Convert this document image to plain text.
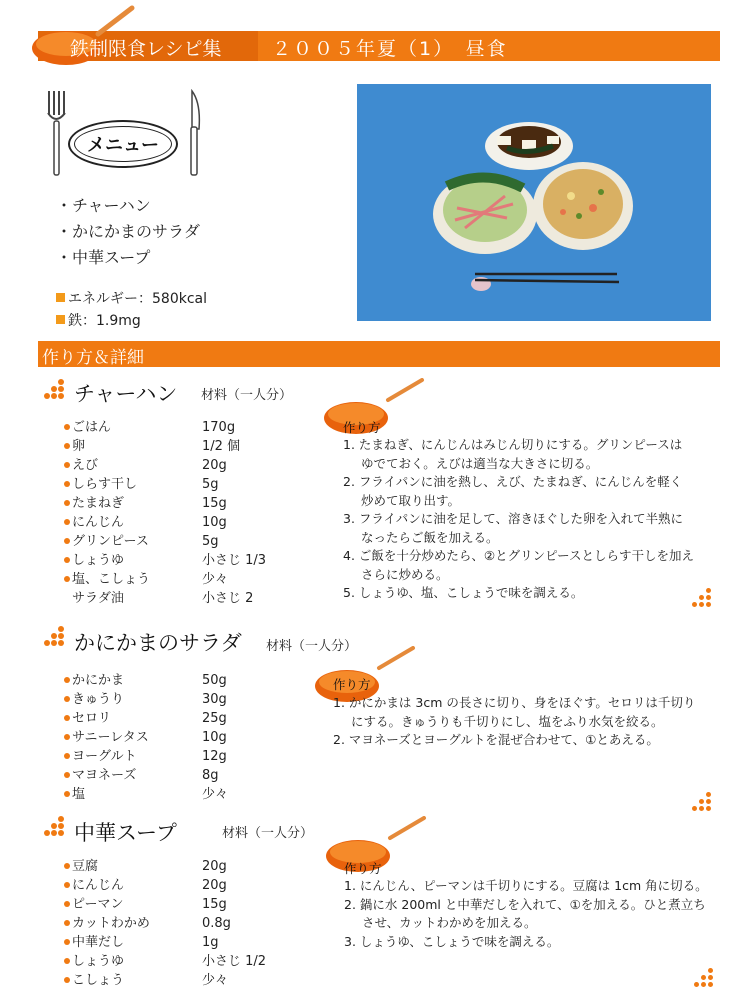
鉄制限食レシピ集	２００５年夏（1）　昼食
メニュー
・チャーハン
・かにかまのサラダ
・中華スープ
エネルギー：580kcal
鉄：1.9mg
作り方＆詳細
チャーハン 材料（一人分）
ごはん	170g
卵	1/2 個
えび	20g
しらす干し	5g
たまねぎ	15g
にんじん	10g
グリンピース	5g
しょうゆ	小さじ 1/3
塩、こしょう	少々
サラダ油	小さじ 2
作り方
1. たまねぎ、にんじんはみじん切りにする。グリンピースは
ゆでておく。えびは適当な大きさに切る。
2. フライパンに油を熱し、えび、たまねぎ、にんじんを軽く
炒めて取り出す。
3. フライパンに油を足して、溶きほぐした卵を入れて半熟に
なったらご飯を加える。
4. ご飯を十分炒めたら、②とグリンピースとしらす干しを加え
さらに炒める。
5. しょうゆ、塩、こしょうで味を調える。
かにかまのサラダ 材料（一人分）
かにかま	50g
きゅうり	30g
セロリ	25g
サニーレタス	10g
ヨーグルト	12g
マヨネーズ	8g
塩	少々
作り方
1. かにかまは 3cm の長さに切り、身をほぐす。セロリは千切り
にする。きゅうりも千切りにし、塩をふり水気を絞る。
2. マヨネーズとヨーグルトを混ぜ合わせて、①とあえる。
中華スープ	材料（一人分）
豆腐	20g
にんじん	20g
ピーマン	15g
カットわかめ	0.8g
中華だし	1g
しょうゆ	小さじ 1/2
こしょう	少々
作り方
1. にんじん、ピーマンは千切りにする。豆腐は 1cm 角に切る。
2. 鍋に水 200ml と中華だしを入れて、①を加える。ひと煮立ち
させ、カットわかめを加える。
3. しょうゆ、こしょうで味を調える。
